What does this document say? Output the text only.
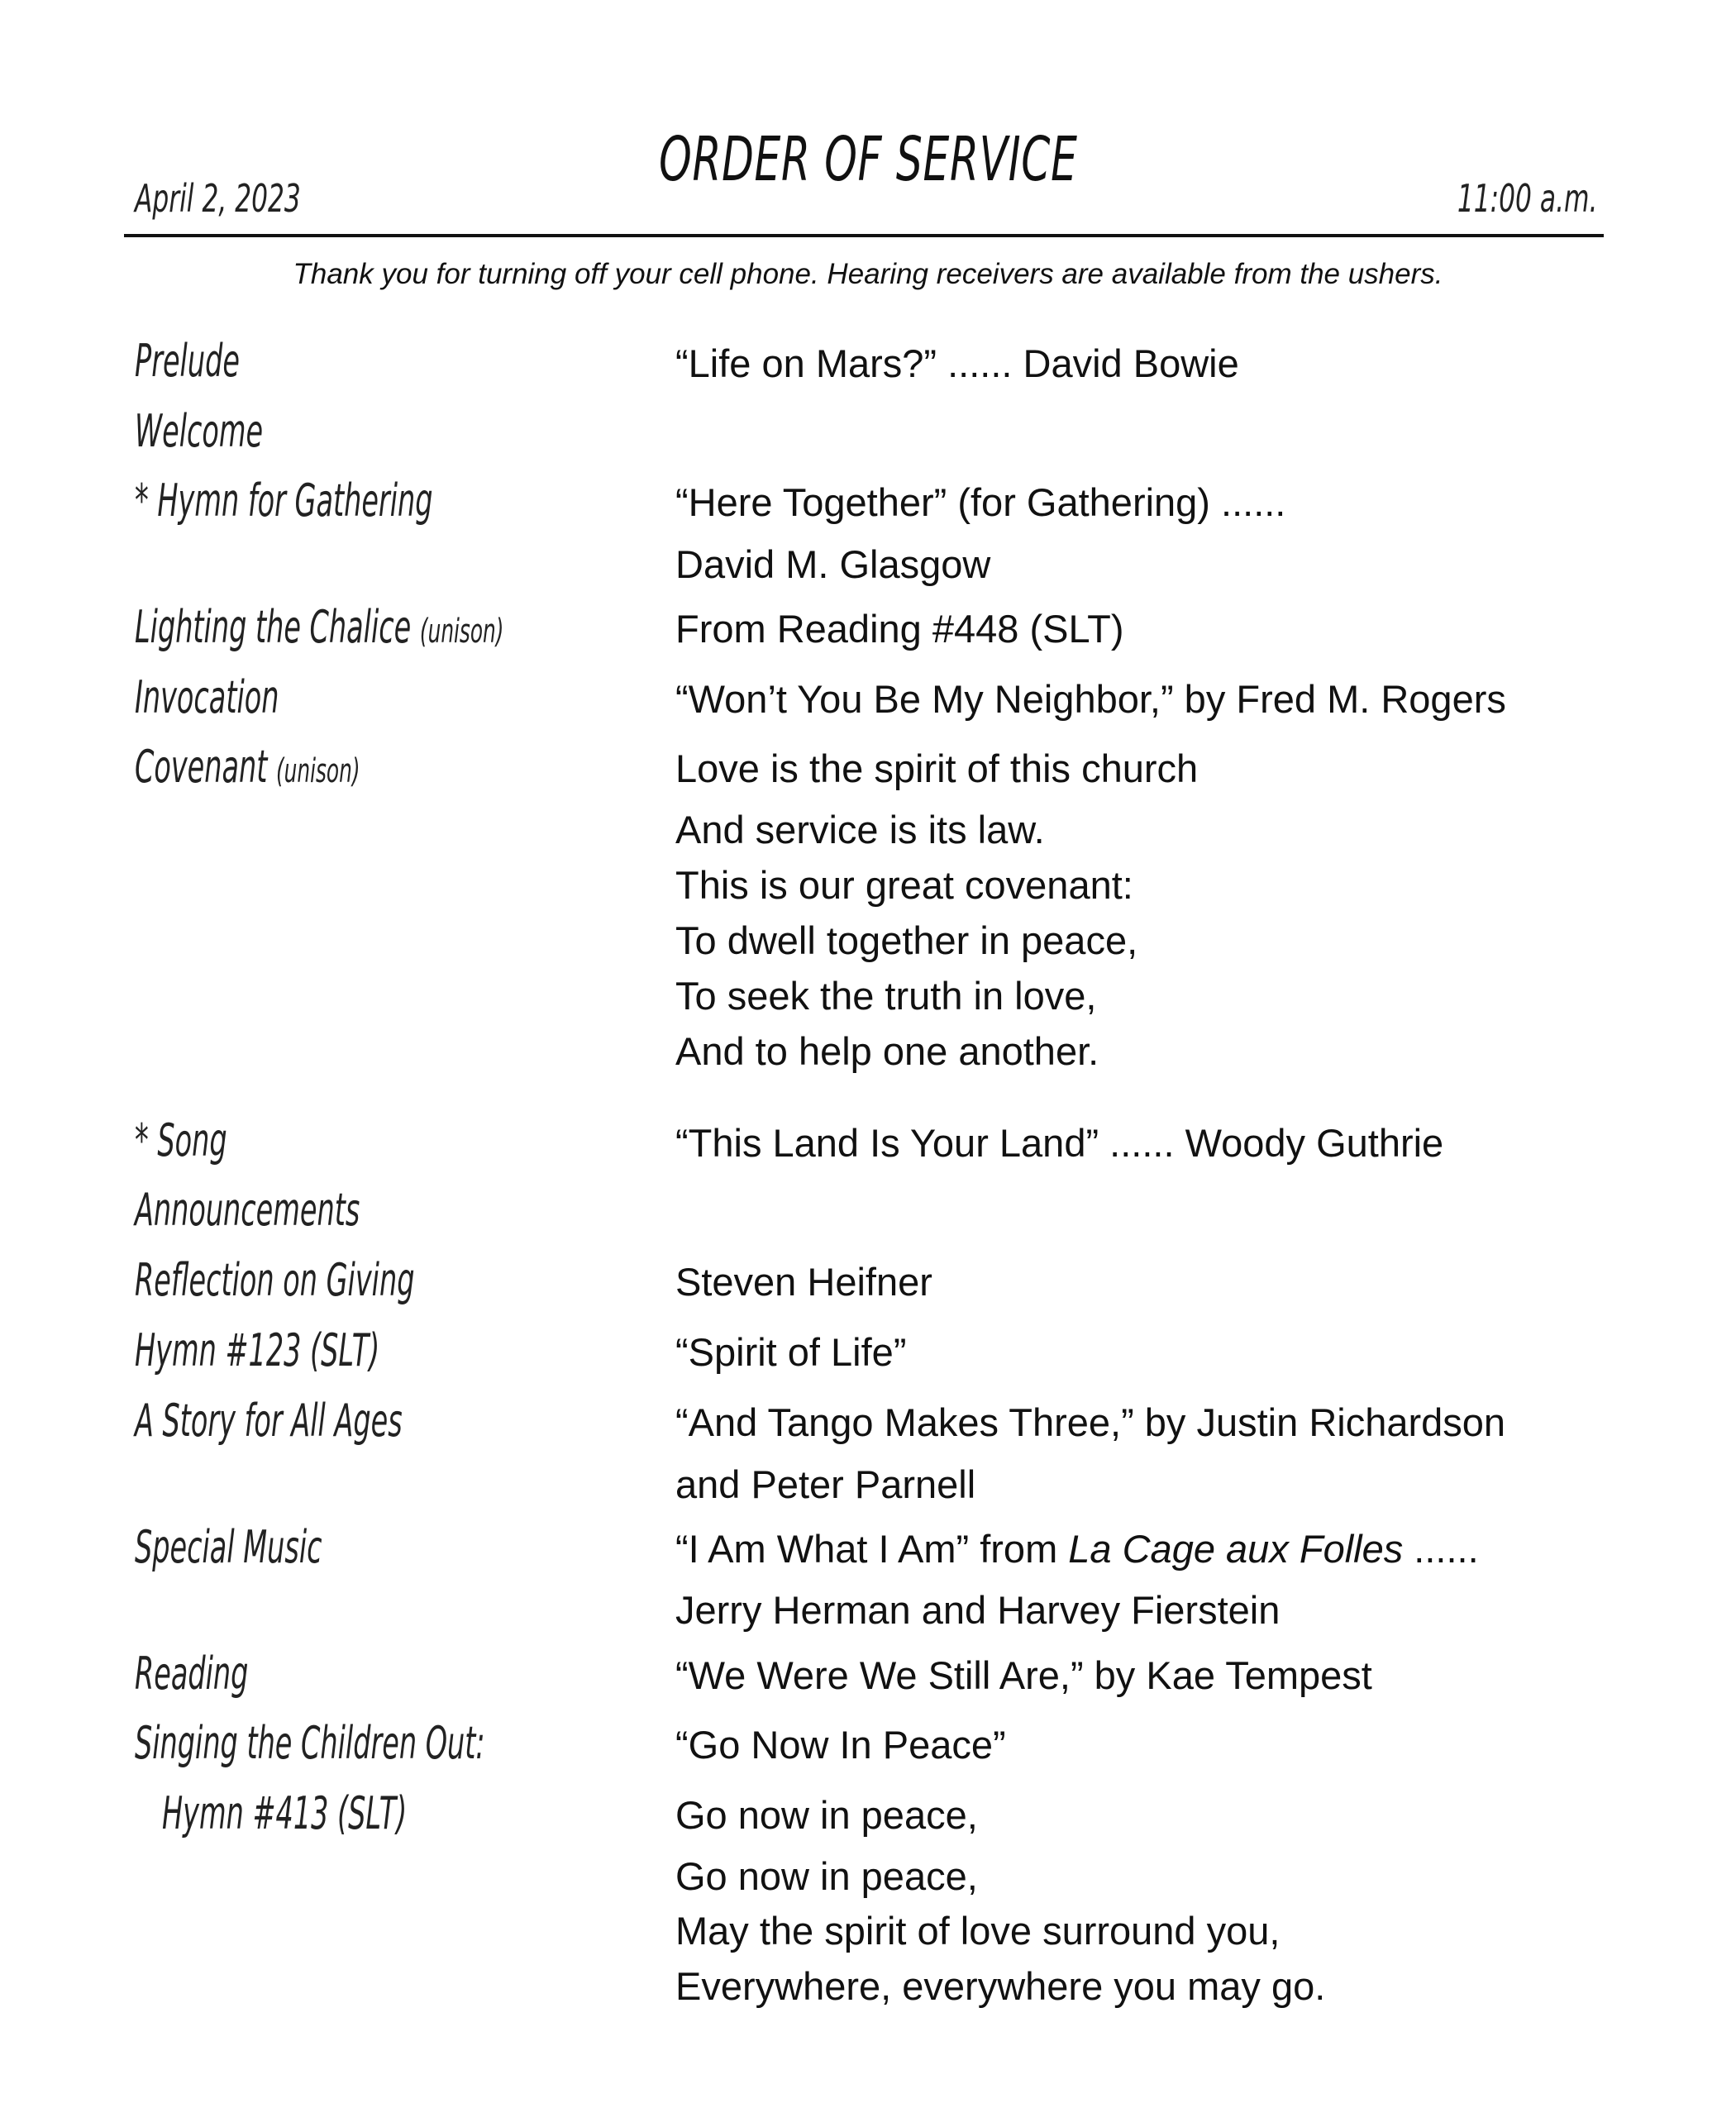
ORDER OF SERVICE
April 2, 2023	11:00 a.m.
Thank you for turning off your cell phone. Hearing receivers are available from the ushers.
Prelude	“Life on Mars?” ...... David Bowie
Welcome
* Hymn for Gathering	“Here Together” (for Gathering) ......
David M. Glasgow
Lighting the Chalice (unison)	From Reading #448 (SLT)
Invocation	“Won’t You Be My Neighbor,” by Fred M. Rogers
Covenant (unison)	Love is the spirit of this church
And service is its law.
This is our great covenant:
To dwell together in peace,
To seek the truth in love,
And to help one another.
* Song	“This Land Is Your Land” ...... Woody Guthrie
Announcements
Reflection on Giving	Steven Heifner
Hymn #123 (SLT)	“Spirit of Life”
A Story for All Ages	“And Tango Makes Three,” by Justin Richardson
and Peter Parnell
Special Music	“I Am What I Am” from La Cage aux Folles ......
Jerry Herman and Harvey Fierstein
Reading	“We Were We Still Are,” by Kae Tempest
Singing the Children Out:	“Go Now In Peace”
Hymn #413 (SLT)	Go now in peace,
Go now in peace,
May the spirit of love surround you,
Everywhere, everywhere you may go.
